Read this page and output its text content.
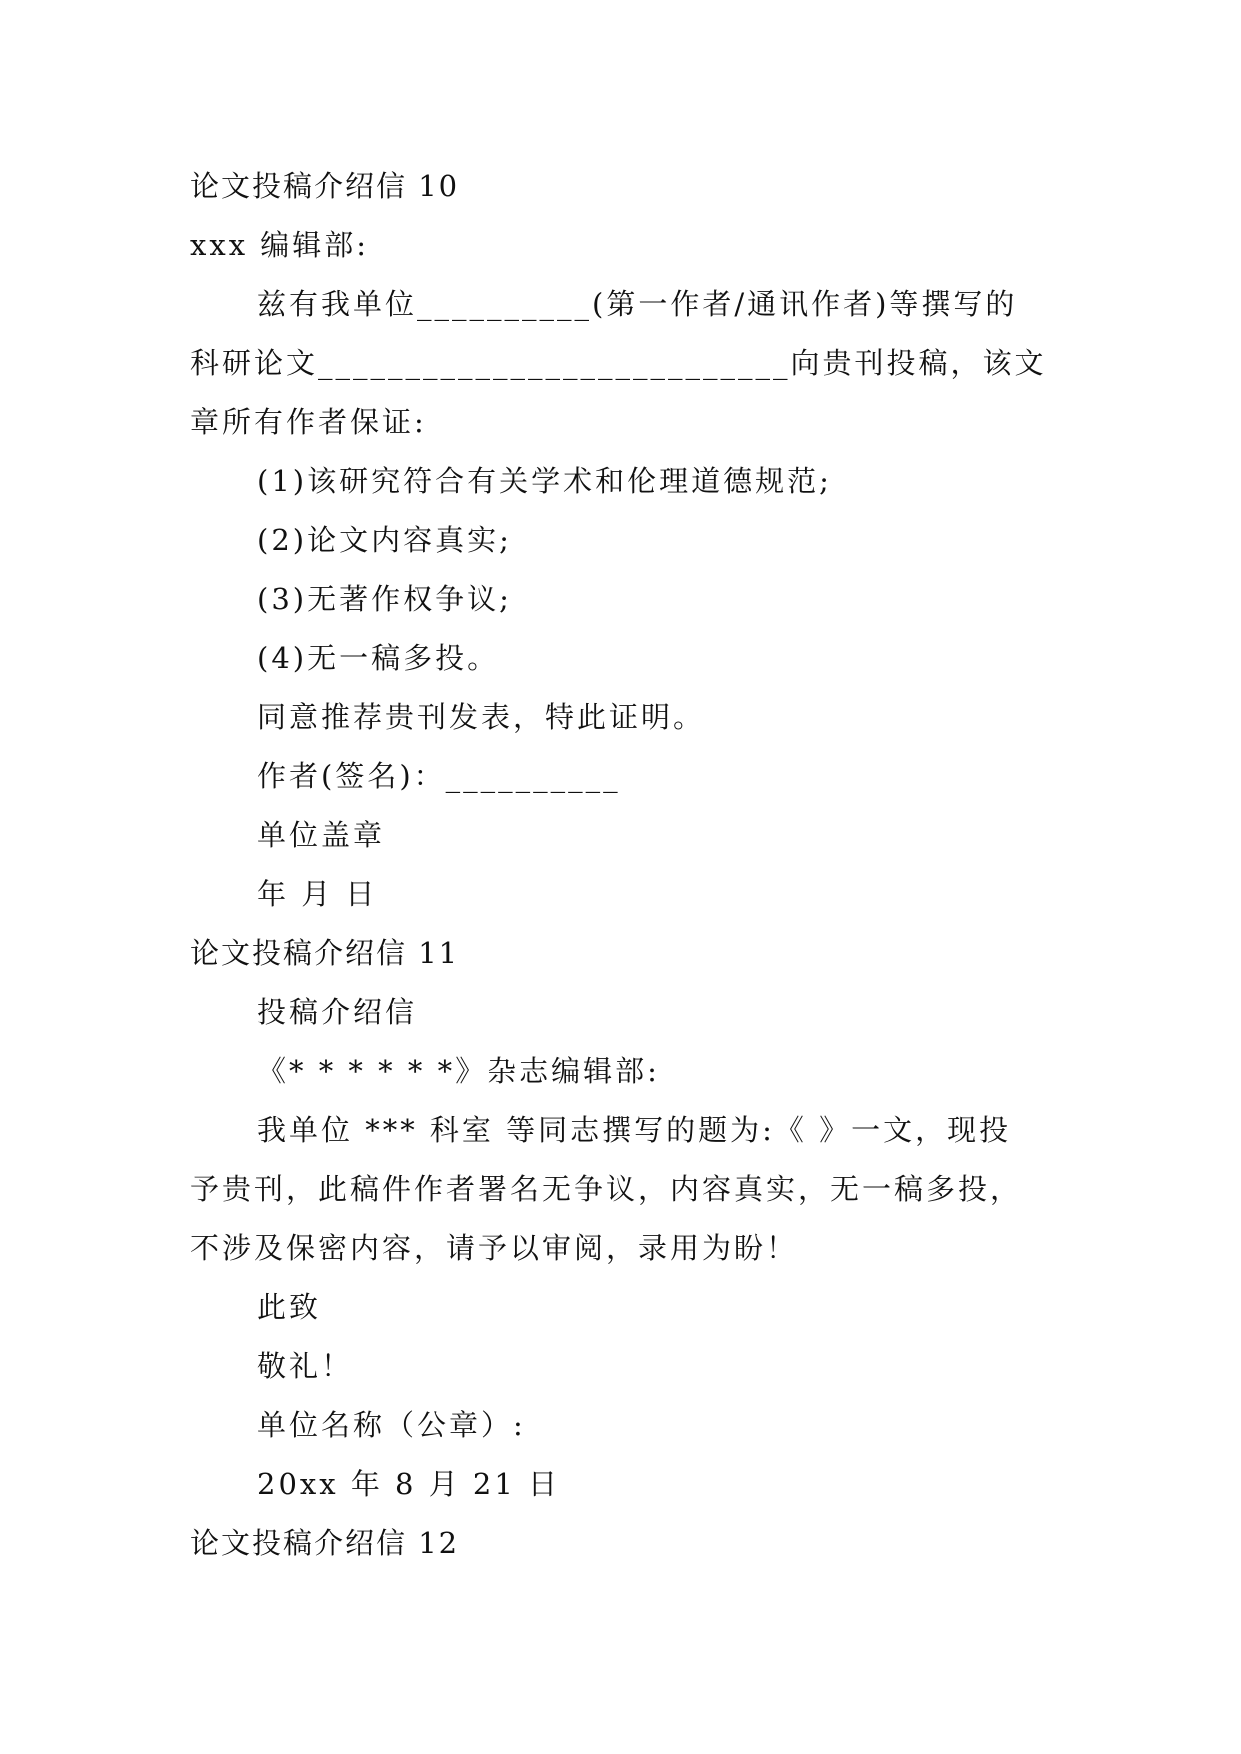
论文投稿介绍信 10
xxx 编辑部:
兹有我单位__________(第一作者/通讯作者)等撰写的
科研论文___________________________向贵刊投稿，该文
章所有作者保证:
(1)该研究符合有关学术和伦理道德规范;
(2)论文内容真实;
(3)无著作权争议;
(4)无一稿多投。
同意推荐贵刊发表，特此证明。
作者(签名)：__________
单位盖章
年 月 日
论文投稿介绍信 11
投稿介绍信
《* * * * * *》杂志编辑部:
我单位 *** 科室 等同志撰写的题为:《 》一文，现投
予贵刊，此稿件作者署名无争议，内容真实，无一稿多投，
不涉及保密内容，请予以审阅，录用为盼！
此致
敬礼！
单位名称（公章）:
20xx 年 8 月 21 日
论文投稿介绍信 12
